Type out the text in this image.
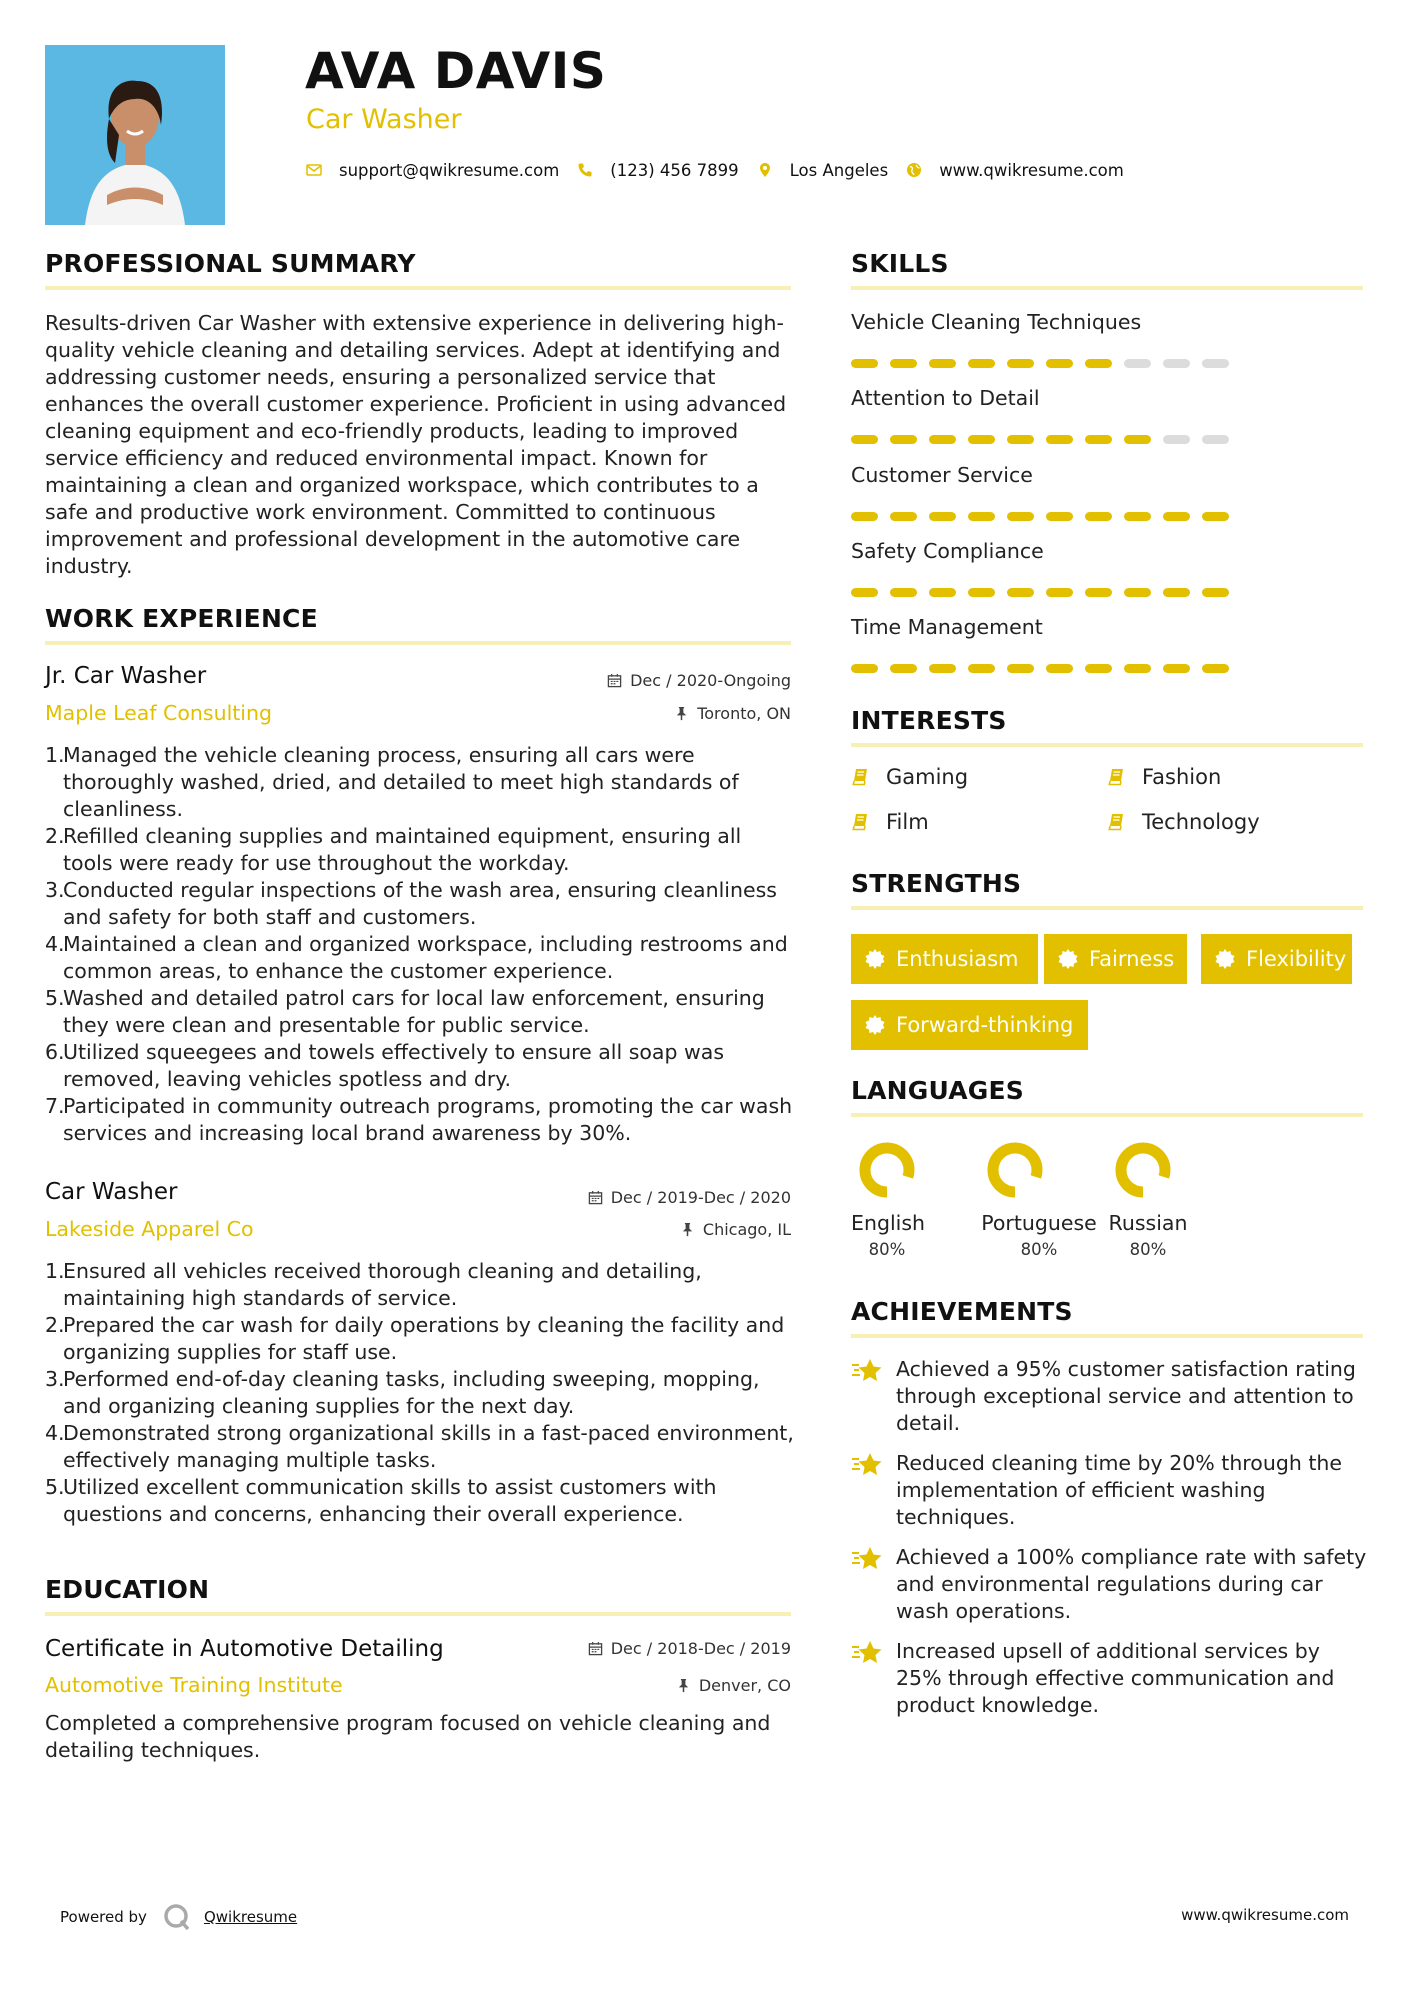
AVA DAVIS
Car Washer
support@qwikresume.com	(123) 456 7899	Los Angeles	www.qwikresume.com
PROFESSIONAL SUMMARY
Results-driven Car Washer with extensive experience in delivering high-quality vehicle cleaning and detailing services. Adept at identifying and addressing customer needs, ensuring a personalized service that enhances the overall customer experience. Proficient in using advanced cleaning equipment and eco-friendly products, leading to improved service efficiency and reduced environmental impact. Known for maintaining a clean and organized workspace, which contributes to a safe and productive work environment. Committed to continuous improvement and professional development in the automotive care industry.
WORK EXPERIENCE
Jr. Car Washer	Dec / 2020-Ongoing
Maple Leaf Consulting	Toronto, ON
1.
Managed the vehicle cleaning process, ensuring all cars were thoroughly washed, dried, and detailed to meet high standards of cleanliness.
2.
Refilled cleaning supplies and maintained equipment, ensuring all tools were ready for use throughout the workday.
3.
Conducted regular inspections of the wash area, ensuring cleanliness and safety for both staff and customers.
4.
Maintained a clean and organized workspace, including restrooms and common areas, to enhance the customer experience.
5.
Washed and detailed patrol cars for local law enforcement, ensuring they were clean and presentable for public service.
6.
Utilized squeegees and towels effectively to ensure all soap was removed, leaving vehicles spotless and dry.
7.
Participated in community outreach programs, promoting the car wash services and increasing local brand awareness by 30%.
Car Washer	Dec / 2019-Dec / 2020
Lakeside Apparel Co	Chicago, IL
1.
Ensured all vehicles received thorough cleaning and detailing, maintaining high standards of service.
2.
Prepared the car wash for daily operations by cleaning the facility and organizing supplies for staff use.
3.
Performed end-of-day cleaning tasks, including sweeping, mopping, and organizing cleaning supplies for the next day.
4.
Demonstrated strong organizational skills in a fast-paced environment, effectively managing multiple tasks.
5.
Utilized excellent communication skills to assist customers with questions and concerns, enhancing their overall experience.
EDUCATION
Certificate in Automotive Detailing	Dec / 2018-Dec / 2019
Automotive Training Institute	Denver, CO
Completed a comprehensive program focused on vehicle cleaning and detailing techniques.
SKILLS
Vehicle Cleaning Techniques
Attention to Detail
Customer Service
Safety Compliance
Time Management
INTERESTS
Gaming	Fashion
Film	Technology
STRENGTHS
Enthusiasm	Fairness	Flexibility
Forward-thinking
LANGUAGES
English
80%
Portuguese
80%
Russian
80%
ACHIEVEMENTS
Achieved a 95% customer satisfaction rating through exceptional service and attention to detail.
Reduced cleaning time by 20% through the implementation of efficient washing techniques.
Achieved a 100% compliance rate with safety and environmental regulations during car wash operations.
Increased upsell of additional services by 25% through effective communication and product knowledge.
Powered by	Qwikresume	www.qwikresume.com
